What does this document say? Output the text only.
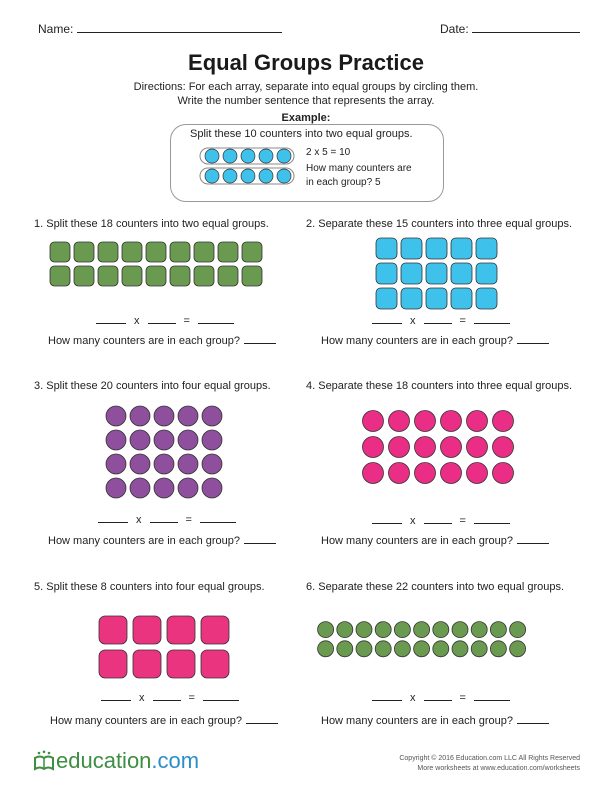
Name:	Date:
Equal Groups Practice
Directions: For each array, separate into equal groups by circling them.
Write the number sentence that represents the array.
Example:
Split these 10 counters into two equal groups.
2 x 5 = 10
How many counters are
in each group? 5
1. Split these 18 counters into two equal groups.
x	=
How many counters are in each group?
2. Separate these 15 counters into three equal groups.
x	=
How many counters are in each group?
3. Split these 20 counters into four equal groups.
x	=
How many counters are in each group?
4. Separate these 18 counters into three equal groups.
x	=
How many counters are in each group?
5. Split these 8 counters into four equal groups.
x	=
How many counters are in each group?
6. Separate these 22 counters into two equal groups.
x	=
How many counters are in each group?
education.com	Copyright © 2016 Education.com LLC All Rights Reserved
More worksheets at www.education.com/worksheets
